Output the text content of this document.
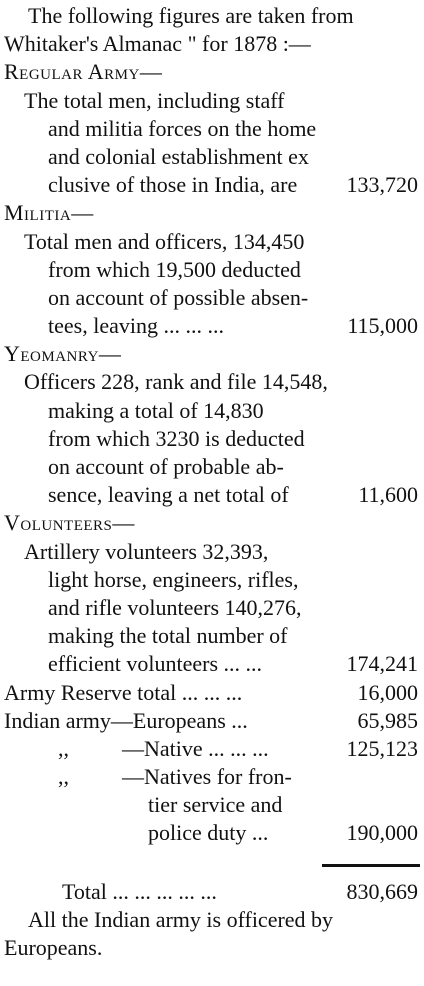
The following figures are taken from
Whitaker's Almanac " for 1878 :—
Regular Army—
The total men, including staff
and militia forces on the home
and colonial establishment ex
clusive of those in India, are 133,720
Militia—
Total men and officers, 134,450
from which 19,500 deducted
on account of possible absen-
tees, leaving ... ... ...	115,000
Yeomanry—
Officers 228, rank and file 14,548,
making a total of 14,830
from which 3230 is deducted
on account of probable ab-
sence, leaving a net total of	11,600
Volunteers—
Artillery volunteers 32,393,
light horse, engineers, rifles,
and rifle volunteers 140,276,
making the total number of
efficient volunteers ... ...	174,241
Army Reserve total ... ... ...	16,000
Indian army—Europeans ...	65,985
,, —Native ... ... ...	125,123
,, —Natives for fron-
tier service and
police duty ...	190,000
Total ... ... ... ... ...	830,669
All the Indian army is officered by
Europeans.
